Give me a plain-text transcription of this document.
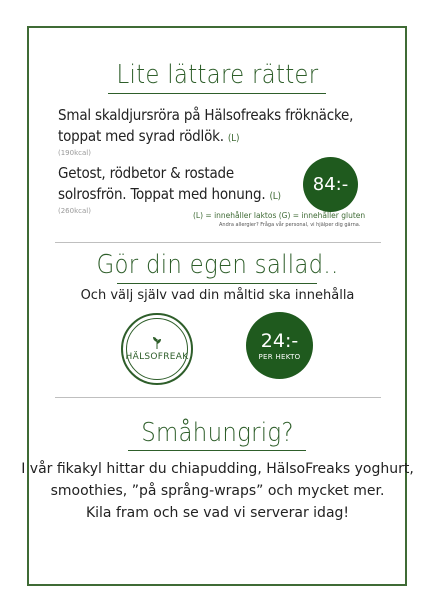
Lite lättare rätter
Smal skaldjursröra på Hälsofreaks fröknäcke, toppat med syrad rödlök. (L)
(190kcal)
Getost, rödbetor & rostade solrosfrön. Toppat med honung. (L)
(260kcal)
84:-
(L) = innehåller laktos (G) = innehåller gluten
Andra allergier? Fråga vår personal, vi hjälper dig gärna.
Gör din egen sallad..
Och välj själv vad din måltid ska innehålla
HÄLSOFREAK
24:-
PER HEKTO
Småhungrig?
I vår fikakyl hittar du chiapudding, HälsoFreaks yoghurt,
smoothies, ”på språng-wraps” och mycket mer.
Kila fram och se vad vi serverar idag!
